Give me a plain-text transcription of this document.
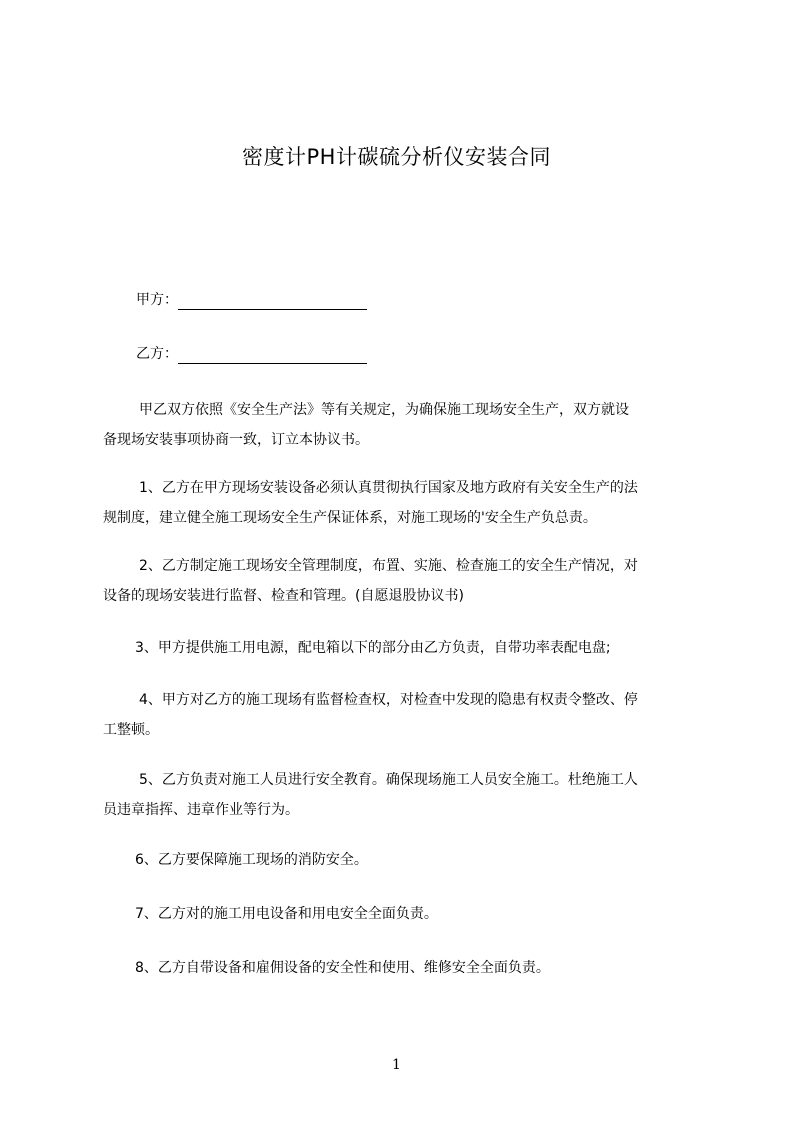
密度计PH计碳硫分析仪安装合同
甲方：
乙方：
甲乙双方依照《安全生产法》等有关规定，为确保施工现场安全生产，双方就设
备现场安装事项协商一致，订立本协议书。
1、乙方在甲方现场安装设备必须认真贯彻执行国家及地方政府有关安全生产的法
规制度，建立健全施工现场安全生产保证体系，对施工现场的'安全生产负总责。
2、乙方制定施工现场安全管理制度，布置、实施、检查施工的安全生产情况，对
设备的现场安装进行监督、检查和管理。(自愿退股协议书)
3、甲方提供施工用电源，配电箱以下的部分由乙方负责，自带功率表配电盘;
4、甲方对乙方的施工现场有监督检查权，对检查中发现的隐患有权责令整改、停
工整顿。
5、乙方负责对施工人员进行安全教育。确保现场施工人员安全施工。杜绝施工人
员违章指挥、违章作业等行为。
6、乙方要保障施工现场的消防安全。
7、乙方对的施工用电设备和用电安全全面负责。
8、乙方自带设备和雇佣设备的安全性和使用、维修安全全面负责。
1
